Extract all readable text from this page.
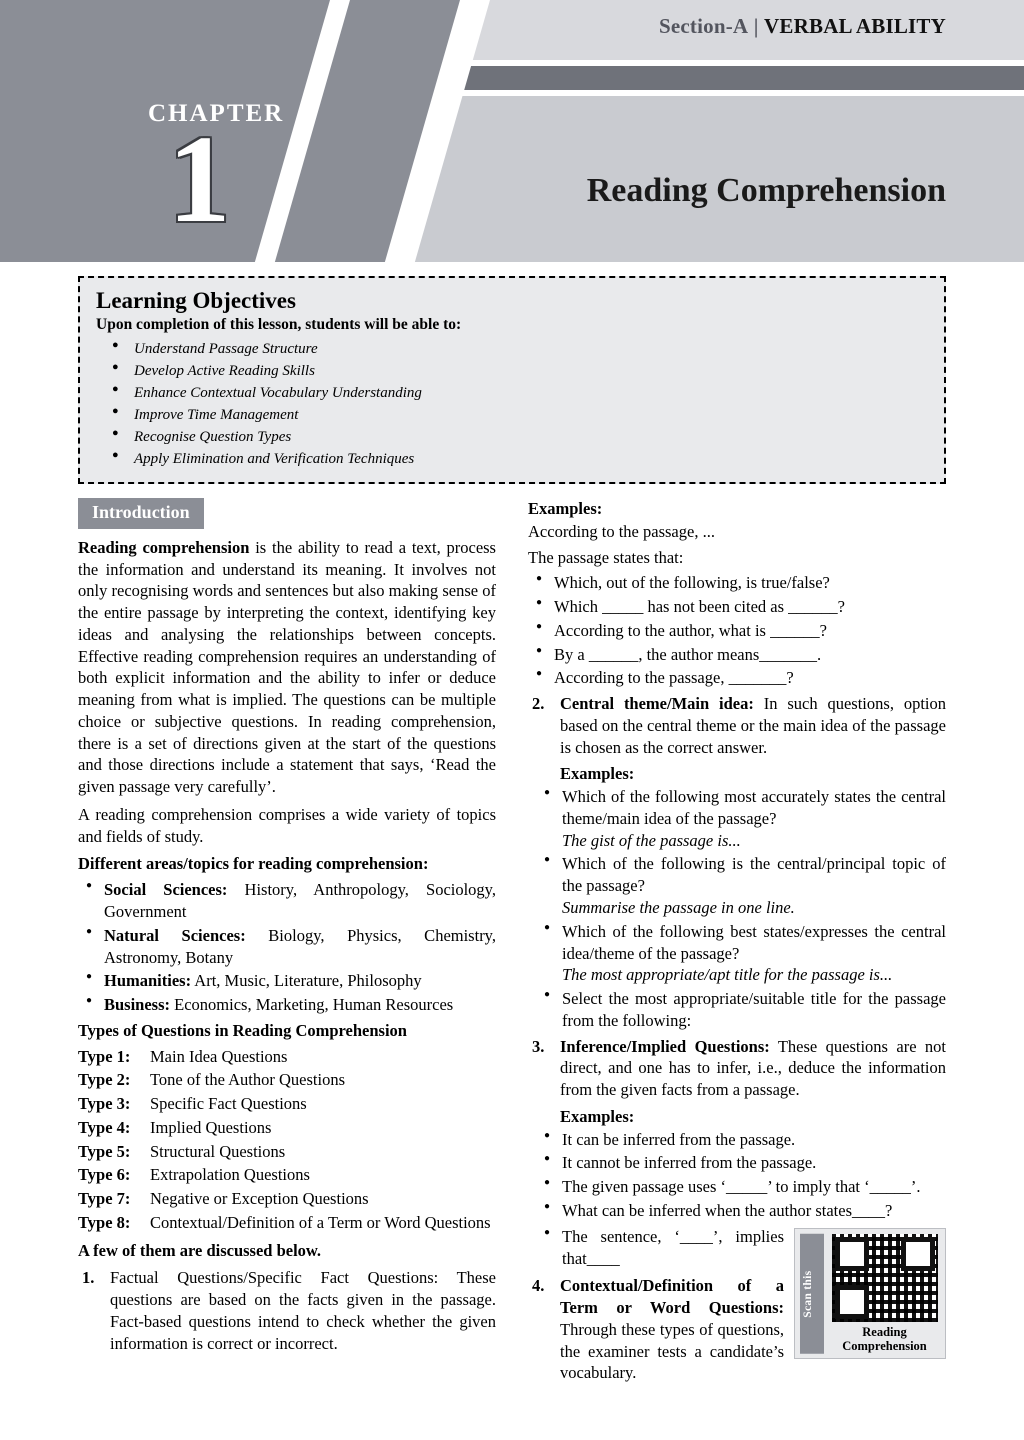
Section-A | VERBAL ABILITY
CHAPTER
1	Reading Comprehension
Learning Objectives
Upon completion of this lesson, students will be able to:
● Understand Passage Structure
● Develop Active Reading Skills
● Enhance Contextual Vocabulary Understanding
● Improve Time Management
● Recognise Question Types
● Apply Elimination and Verification Techniques
Introduction

Reading comprehension is the ability to read a text, process the information and understand its meaning. It involves not only recognising words and sentences but also making sense of the entire passage by interpreting the context, identifying key ideas and analysing the relationships between concepts. Effective reading comprehension requires an understanding of both explicit information and the ability to infer or deduce meaning from what is implied. The questions can be multiple choice or subjective questions. In reading comprehension, there is a set of directions given at the start of the questions and those directions include a statement that says, ‘Read the given passage very carefully’.

A reading comprehension comprises a wide variety of topics and fields of study.

Different areas/topics for reading comprehension:

● Social Sciences: History, Anthropology, Sociology, Government
● Natural Sciences: Biology, Physics, Chemistry, Astronomy, Botany
● Humanities: Art, Music, Literature, Philosophy
● Business: Economics, Marketing, Human Resources

Types of Questions in Reading Comprehension

Type 1:	Main Idea Questions
Type 2:	Tone of the Author Questions
Type 3:	Specific Fact Questions
Type 4:	Implied Questions
Type 5:	Structural Questions
Type 6:	Extrapolation Questions
Type 7:	Negative or Exception Questions
Type 8:	Contextual/Definition of a Term or Word Questions

A few of them are discussed below.

Factual Questions/Specific Fact Questions: These questions are based on the facts given in the passage. Fact-based questions intend to check whether the given information is correct or incorrect.

Examples:

According to the passage, ...

The passage states that:

● Which, out of the following, is true/false?
● Which _____ has not been cited as ______?
● According to the author, what is ______?
● By a ______, the author means_______.
● According to the passage, _______?
Central theme/Main idea: In such questions, option based on the central theme or the main idea of the passage is chosen as the correct answer.

Examples:

● Which of the following most accurately states the central theme/main idea of the passage?
The gist of the passage is...
● Which of the following is the central/principal topic of the passage?
Summarise the passage in one line.
● Which of the following best states/expresses the central idea/theme of the passage?
The most appropriate/apt title for the passage is...
● Select the most appropriate/suitable title for the passage from the following:
Inference/Implied Questions: These questions are not direct, and one has to infer, i.e., deduce the information from the given facts from a passage.

Examples:

● It can be inferred from the passage.
● It cannot be inferred from the passage.
● The given passage uses ‘_____’ to imply that ‘_____’.
● What can be inferred when the author states____?
Scan this
Reading
Comprehension
● The sentence, ‘____’, implies that____
Contextual/Definition of a Term or Word Questions: Through these types of questions, the examiner tests a candidate’s vocabulary.
